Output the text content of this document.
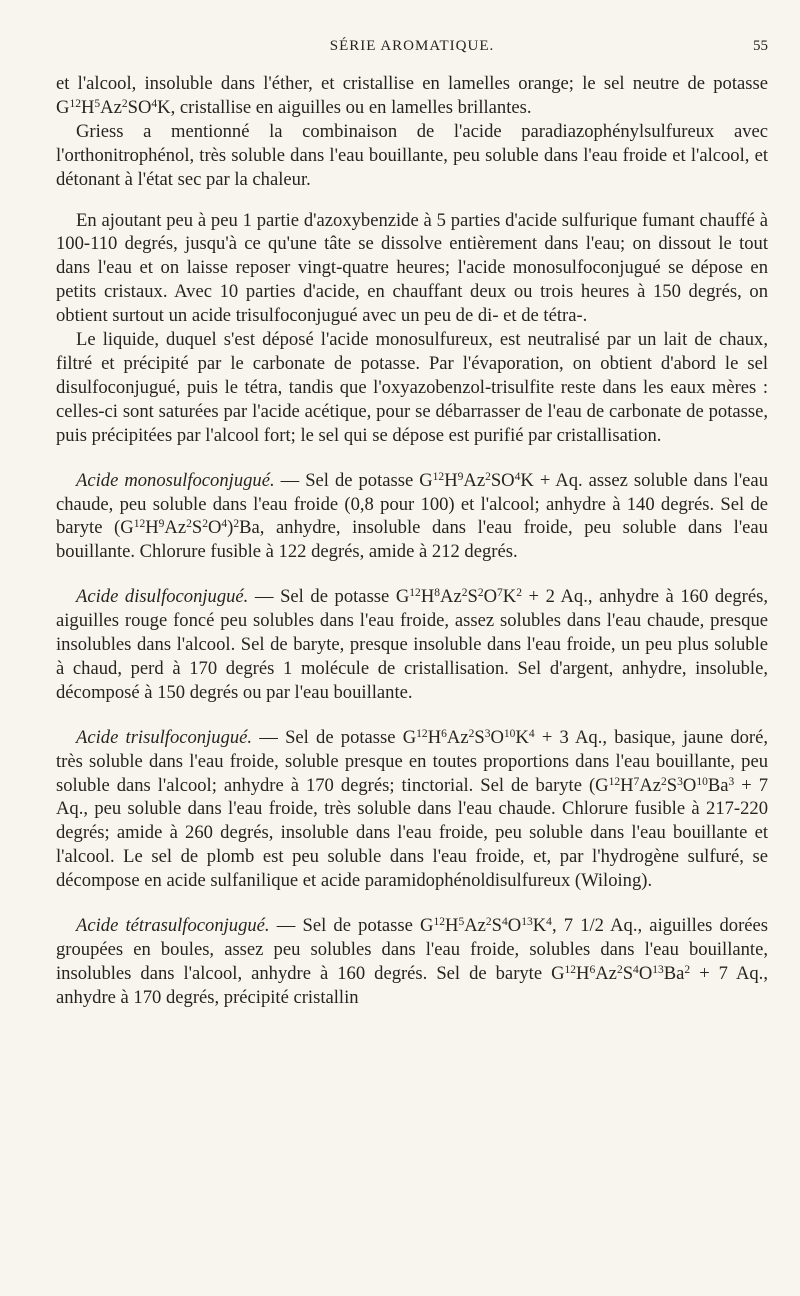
SÉRIE AROMATIQUE.	55

et l'alcool, insoluble dans l'éther, et cristallise en lamelles orange; le sel neutre de potasse $G^{12}H^5Az^2SO^4K$, cristallise en aiguilles ou en lamelles brillantes.

Griess a mentionné la combinaison de l'acide paradiazophénylsulfureux avec l'orthonitrophénol, très soluble dans l'eau bouillante, peu soluble dans l'eau froide et l'alcool, et détonant à l'état sec par la chaleur.

En ajoutant peu à peu 1 partie d'azoxybenzide à 5 parties d'acide sulfurique fumant chauffé à 100-110 degrés, jusqu'à ce qu'une tâte se dissolve entièrement dans l'eau; on dissout le tout dans l'eau et on laisse reposer vingt-quatre heures; l'acide monosulfoconjugué se dépose en petits cristaux. Avec 10 parties d'acide, en chauffant deux ou trois heures à 150 degrés, on obtient surtout un acide trisulfoconjugué avec un peu de di- et de tétra-.

Le liquide, duquel s'est déposé l'acide monosulfureux, est neutralisé par un lait de chaux, filtré et précipité par le carbonate de potasse. Par l'évaporation, on obtient d'abord le sel disulfoconjugué, puis le tétra, tandis que l'oxyazobenzol-trisulfite reste dans les eaux mères : celles-ci sont saturées par l'acide acétique, pour se débarrasser de l'eau de carbonate de potasse, puis précipitées par l'alcool fort; le sel qui se dépose est purifié par cristallisation.

Acide monosulfoconjugué. — Sel de potasse $G^{12}H^9Az^2SO^4K + Aq$. assez soluble dans l'eau chaude, peu soluble dans l'eau froide (0,8 pour 100) et l'alcool; anhydre à 140 degrés. Sel de baryte $(G^{12}H^9Az^2S^2O^4)^2Ba$, anhydre, insoluble dans l'eau froide, peu soluble dans l'eau bouillante. Chlorure fusible à 122 degrés, amide à 212 degrés.

Acide disulfoconjugué. — Sel de potasse $G^{12}H^8Az^2S^2O^7K^2 + 2$ Aq., anhydre à 160 degrés, aiguilles rouge foncé peu solubles dans l'eau froide, assez solubles dans l'eau chaude, presque insolubles dans l'alcool. Sel de baryte, presque insoluble dans l'eau froide, un peu plus soluble à chaud, perd à 170 degrés 1 molécule de cristallisation. Sel d'argent, anhydre, insoluble, décomposé à 150 degrés ou par l'eau bouillante.

Acide trisulfoconjugué. — Sel de potasse $G^{12}H^6Az^2S^3O^{10}K^4 + 3$ Aq., basique, jaune doré, très soluble dans l'eau froide, soluble presque en toutes proportions dans l'eau bouillante, peu soluble dans l'alcool; anhydre à 170 degrés; tinctorial. Sel de baryte ($G^{12}H^7Az^2S^3O^{10}Ba^3 + 7$ Aq., peu soluble dans l'eau froide, très soluble dans l'eau chaude. Chlorure fusible à 217-220 degrés; amide à 260 degrés, insoluble dans l'eau froide, peu soluble dans l'eau bouillante et l'alcool. Le sel de plomb est peu soluble dans l'eau froide, et, par l'hydrogène sulfuré, se décompose en acide sulfanilique et acide paramidophénoldisulfureux (Wiloing).

Acide tétrasulfoconjugué. — Sel de potasse $G^{12}H^5Az^2S^4O^{13}K^4$, 7 1/2 Aq., aiguilles dorées groupées en boules, assez peu solubles dans l'eau froide, solubles dans l'eau bouillante, insolubles dans l'alcool, anhydre à 160 degrés. Sel de baryte $G^{12}H^6Az^2S^4O^{13}Ba^2 + 7$ Aq., anhydre à 170 degrés, précipité cristallin
